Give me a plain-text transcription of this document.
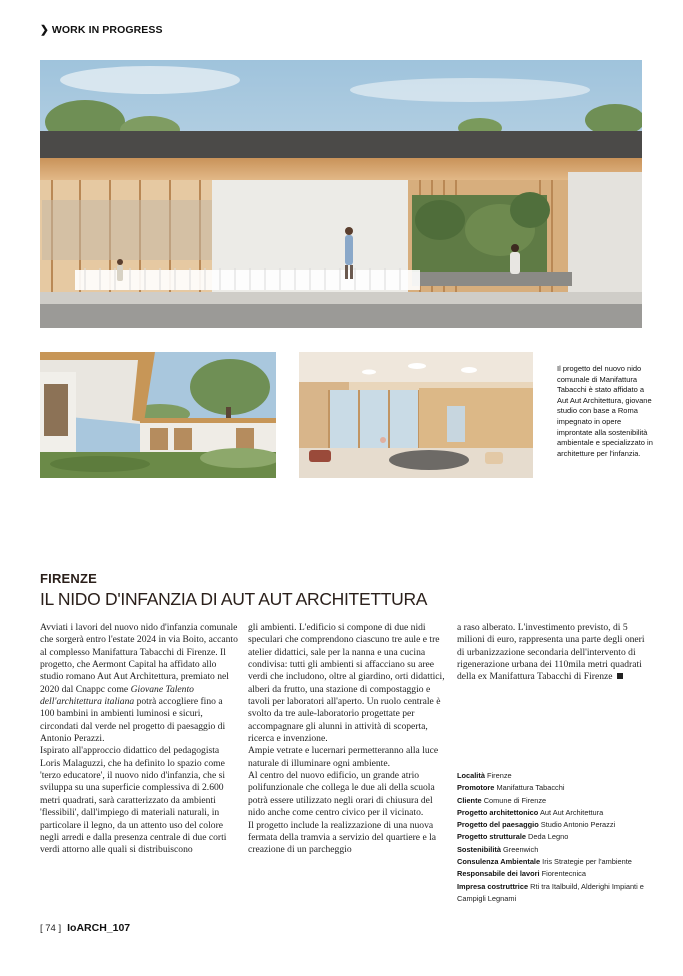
❯ WORK IN PROGRESS
Il progetto del nuovo nido comunale di Manifattura Tabacchi è stato affidato a Aut Aut Architettura, giovane studio con base a Roma impegnato in opere improntate alla sostenibilità ambientale e specializzato in architetture per l'infanzia.
FIRENZE
IL NIDO D'INFANZIA DI AUT AUT ARCHITETTURA

Avviati i lavori del nuovo nido d'infanzia comunale che sorgerà entro l'estate 2024 in via Boito, accanto al complesso Manifattura Tabacchi di Firenze. Il progetto, che Aermont Capital ha affidato allo studio romano Aut Aut Architettura, premiato nel 2020 dal Cnappc come Giovane Talento dell'architettura italiana potrà accogliere fino a 100 bambini in ambienti luminosi e sicuri, circondati dal verde nel progetto di paesaggio di Antonio Perazzi.

Ispirato all'approccio didattico del pedagogista Loris Malaguzzi, che ha definito lo spazio come 'terzo educatore', il nuovo nido d'infanzia, che si sviluppa su una superficie complessiva di 2.600 metri quadrati, sarà caratterizzato da ambienti 'flessibili', dall'impiego di materiali naturali, in particolare il legno, da un attento uso del colore negli arredi e dalla presenza centrale di due corti verdi attorno alle quali si distribuiscono

gli ambienti. L'edificio si compone di due nidi speculari che comprendono ciascuno tre aule e tre atelier didattici, sale per la nanna e una cucina condivisa: tutti gli ambienti si affacciano su aree verdi che includono, oltre al giardino, orti didattici, alberi da frutto, una stazione di compostaggio e tavoli per laboratori all'aperto. Un ruolo centrale è svolto da tre aule-laboratorio progettate per accompagnare gli alunni in attività di scoperta, ricerca e invenzione.

Ampie vetrate e lucernari permetteranno alla luce naturale di illuminare ogni ambiente.

Al centro del nuovo edificio, un grande atrio polifunzionale che collega le due ali della scuola potrà essere utilizzato negli orari di chiusura del nido anche come centro civico per il vicinato.

Il progetto include la realizzazione di una nuova fermata della tramvia a servizio del quartiere e la creazione di un parcheggio

a raso alberato. L'investimento previsto, di 5 milioni di euro, rappresenta una parte degli oneri di urbanizzazione secondaria dell'intervento di rigenerazione urbana dei 110mila metri quadrati della ex Manifattura Tabacchi di Firenze

Località Firenze

Promotore Manifattura Tabacchi

Cliente Comune di Firenze

Progetto architettonico Aut Aut Architettura

Progetto del paesaggio Studio Antonio Perazzi

Progetto strutturale Deda Legno

Sostenibilità Greenwich

Consulenza Ambientale Iris Strategie per l'ambiente

Responsabile dei lavori Fiorentecnica

Impresa costruttrice Rti tra Italbuild, Alderighi Impianti e Campigli Legnami

[ 74 ] IoARCH_107
